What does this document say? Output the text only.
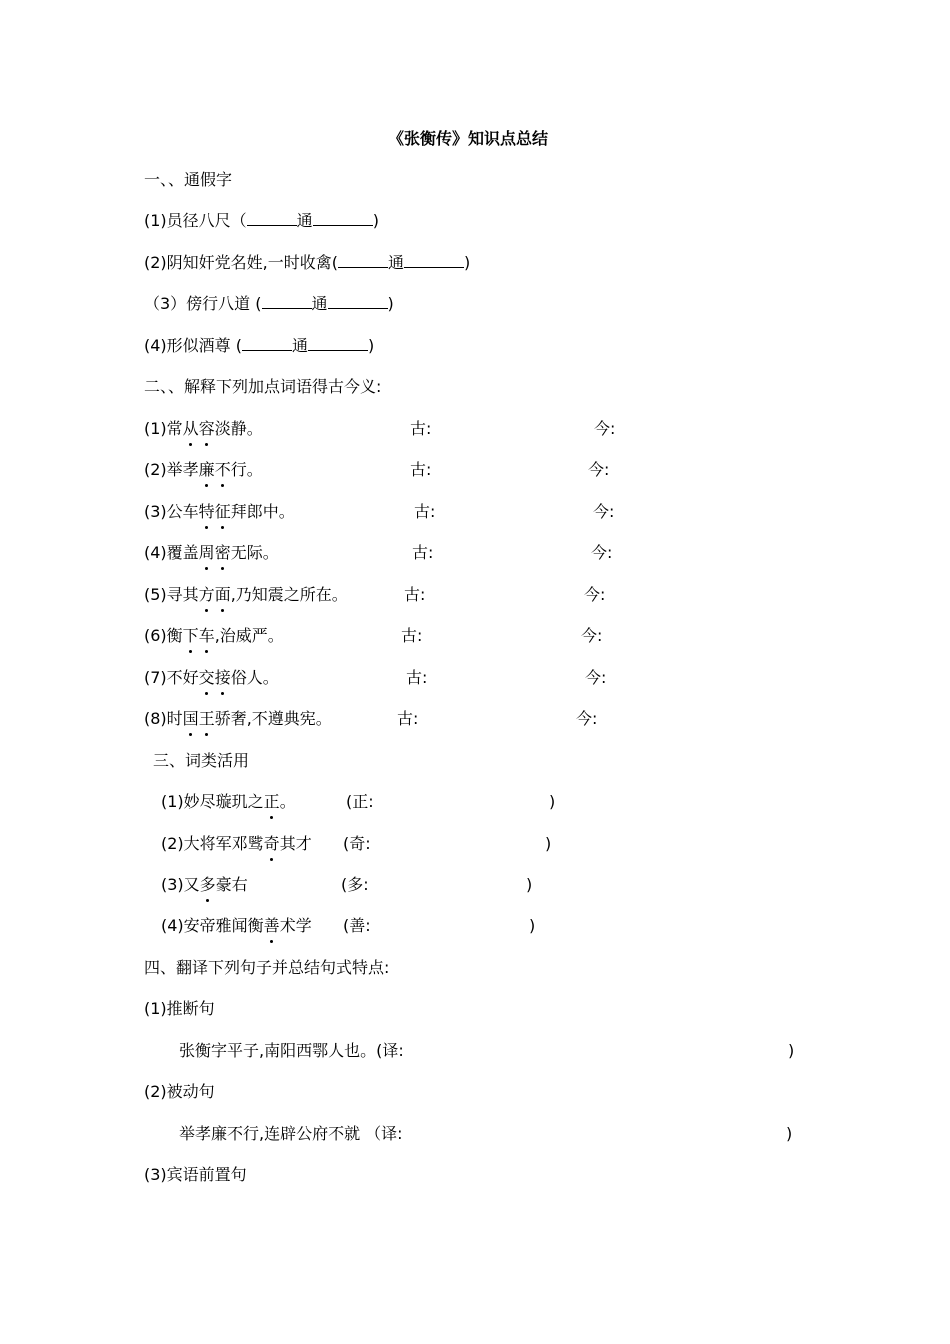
《张衡传》知识点总结
一、、通假字
(1)员径八尺（	通	)
(2)阴知奸党名姓,一时收禽(	通	)
（3）傍行八道 (	通	)
(4)形似酒尊 (	通	)
二、、解释下列加点词语得古今义:
(1)常从容淡静。	古:	今:
(2)举孝廉不行。	古:	今:
(3)公车特征拜郎中。	古:	今:
(4)覆盖周密无际。	古:	今:
(5)寻其方面,乃知震之所在。	古:	今:
(6)衡下车,治威严。	古:	今:
(7)不好交接俗人。	古:	今:
(8)时国王骄奢,不遵典宪。	古:	今:
三、词类活用
(1)妙尽璇玑之正。	(正:	)
(2)大将军邓骘奇其才 (奇:	)
(3)又多豪右	(多:	)
(4)安帝雅闻衡善术学 (善:	)
四、翻译下列句子并总结句式特点:
(1)推断句
张衡字平子,南阳西鄂人也。(译:	)
(2)被动句
举孝廉不行,连辟公府不就 （译:	)
(3)宾语前置句
